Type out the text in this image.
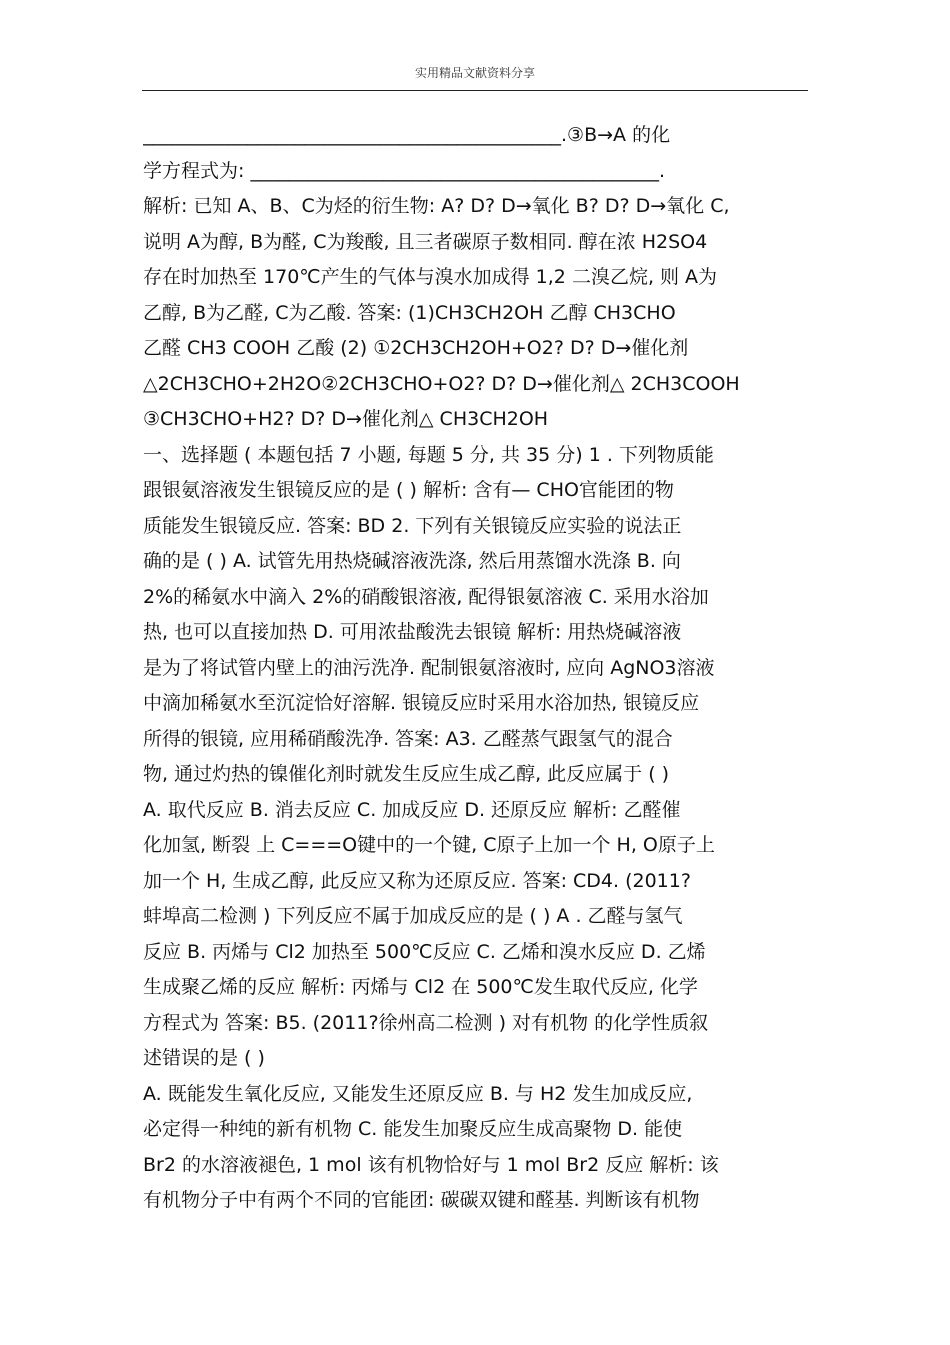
实用精品文献资料分享
____________________________________________.③B→A 的化
学方程式为: ___________________________________________.
解析: 已知 A、B、C为烃的衍生物: A? D? D→氧化 B? D? D→氧化 C,
说明 A为醇, B为醛, C为羧酸, 且三者碳原子数相同. 醇在浓 H2SO4
存在时加热至 170℃产生的气体与溴水加成得 1,2 二溴乙烷, 则 A为
乙醇, B为乙醛, C为乙酸. 答案: (1)CH3CH2OH 乙醇 CH3CHO
乙醛 CH3 COOH 乙酸 (2) ①2CH3CH2OH+O2? D? D→催化剂
△2CH3CHO+2H2O②2CH3CHO+O2? D? D→催化剂△ 2CH3COOH
③CH3CHO+H2? D? D→催化剂△ CH3CH2OH
一、选择题 ( 本题包括 7 小题, 每题 5 分, 共 35 分) 1 . 下列物质能
跟银氨溶液发生银镜反应的是 ( ) 解析: 含有— CHO官能团的物
质能发生银镜反应. 答案: BD 2. 下列有关银镜反应实验的说法正
确的是 ( ) A. 试管先用热烧碱溶液洗涤, 然后用蒸馏水洗涤 B. 向
2%的稀氨水中滴入 2%的硝酸银溶液, 配得银氨溶液 C. 采用水浴加
热, 也可以直接加热 D. 可用浓盐酸洗去银镜 解析: 用热烧碱溶液
是为了将试管内壁上的油污洗净. 配制银氨溶液时, 应向 AgNO3溶液
中滴加稀氨水至沉淀恰好溶解. 银镜反应时采用水浴加热, 银镜反应
所得的银镜, 应用稀硝酸洗净. 答案: A3. 乙醛蒸气跟氢气的混合
物, 通过灼热的镍催化剂时就发生反应生成乙醇, 此反应属于 ( )
A. 取代反应 B. 消去反应 C. 加成反应 D. 还原反应 解析: 乙醛催
化加氢, 断裂 上 C===O键中的一个键, C原子上加一个 H, O原子上
加一个 H, 生成乙醇, 此反应又称为还原反应. 答案: CD4. (2011?
蚌埠高二检测 ) 下列反应不属于加成反应的是 ( ) A . 乙醛与氢气
反应 B. 丙烯与 Cl2 加热至 500℃反应 C. 乙烯和溴水反应 D. 乙烯
生成聚乙烯的反应 解析: 丙烯与 Cl2 在 500℃发生取代反应, 化学
方程式为 答案: B5. (2011?徐州高二检测 ) 对有机物 的化学性质叙
述错误的是 ( )
A. 既能发生氧化反应, 又能发生还原反应 B. 与 H2 发生加成反应,
必定得一种纯的新有机物 C. 能发生加聚反应生成高聚物 D. 能使
Br2 的水溶液褪色, 1 mol 该有机物恰好与 1 mol Br2 反应 解析: 该
有机物分子中有两个不同的官能团: 碳碳双键和醛基. 判断该有机物
